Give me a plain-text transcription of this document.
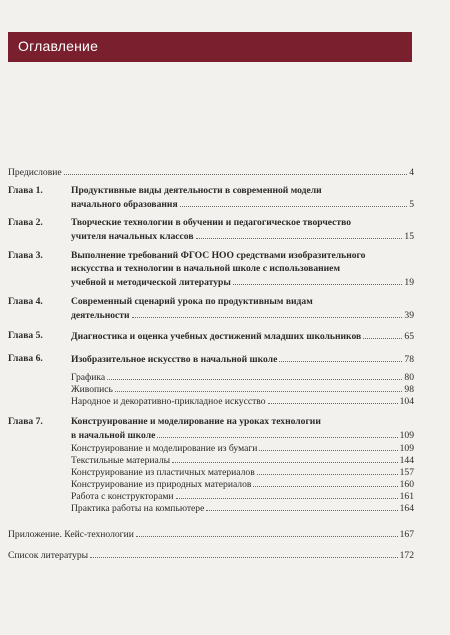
Оглавление
Предисловие	4
Глава 1.	Продуктивные виды деятельности в современной модели
начального образования	5
Глава 2.	Творческие технологии в обучении и педагогическое творчество
учителя начальных классов	15
Глава 3.	Выполнение требований ФГОС НОО средствами изобразительного
искусства и технологии в начальной школе с использованием
учебной и методической литературы	19
Глава 4.	Современный сценарий урока по продуктивным видам
деятельности	39
Глава 5.	Диагностика и оценка учебных достижений младших школьников	65
Глава 6.	Изобразительное искусство в начальной школе	78
Графика	80
Живопись	98
Народное и декоративно-прикладное искусство	104
Глава 7.	Конструирование и моделирование на уроках технологии
в начальной школе	109
Конструирование и моделирование из бумаги	109
Текстильные материалы	144
Конструирование из пластичных материалов	157
Конструирование из природных материалов	160
Работа с конструкторами	161
Практика работы на компьютере	164
Приложение. Кейс-технологии	167
Список литературы	172
